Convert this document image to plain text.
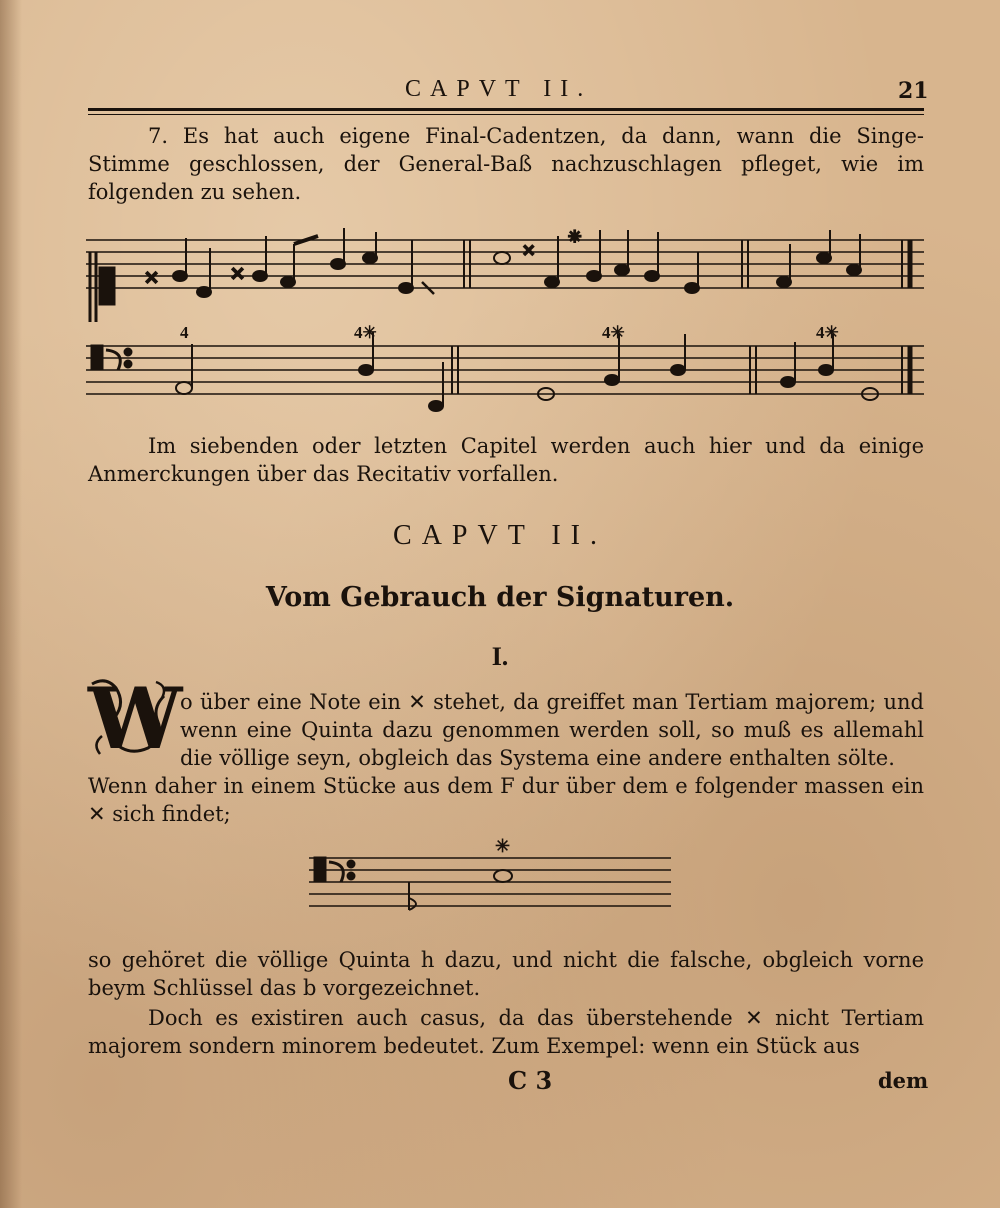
CAPVT II.	21

7. Es hat auch eigene Final-Cadentzen, da dann, wann die Singe-Stimme geschlossen, der General-Baß nachzuschlagen pfleget, wie im folgenden zu sehen.

✕	✕
✕
✳
4	4✳	4✳	4✳

Im siebenden oder letzten Capitel werden auch hier und da einige Anmerckungen über das Recitativ vorfallen.

CAPVT II.
Vom Gebrauch der Signaturen.
I.
W

o über eine Note ein ✕ stehet, da greiffet man Tertiam majorem; und wenn eine Quinta dazu genommen werden soll, so muß es allemahl die völlige seyn, obgleich das Systema eine andere enthalten sölte.

Wenn daher in einem Stücke aus dem F dur über dem e folgender massen ein ✕ sich findet;

✳

so gehöret die völlige Quinta h dazu, und nicht die falsche, obgleich vorne beym Schlüssel das b vorgezeichnet.

Doch es existiren auch casus, da das überstehende ✕ nicht Tertiam majorem sondern minorem bedeutet. Zum Exempel: wenn ein Stück aus

C 3	dem
